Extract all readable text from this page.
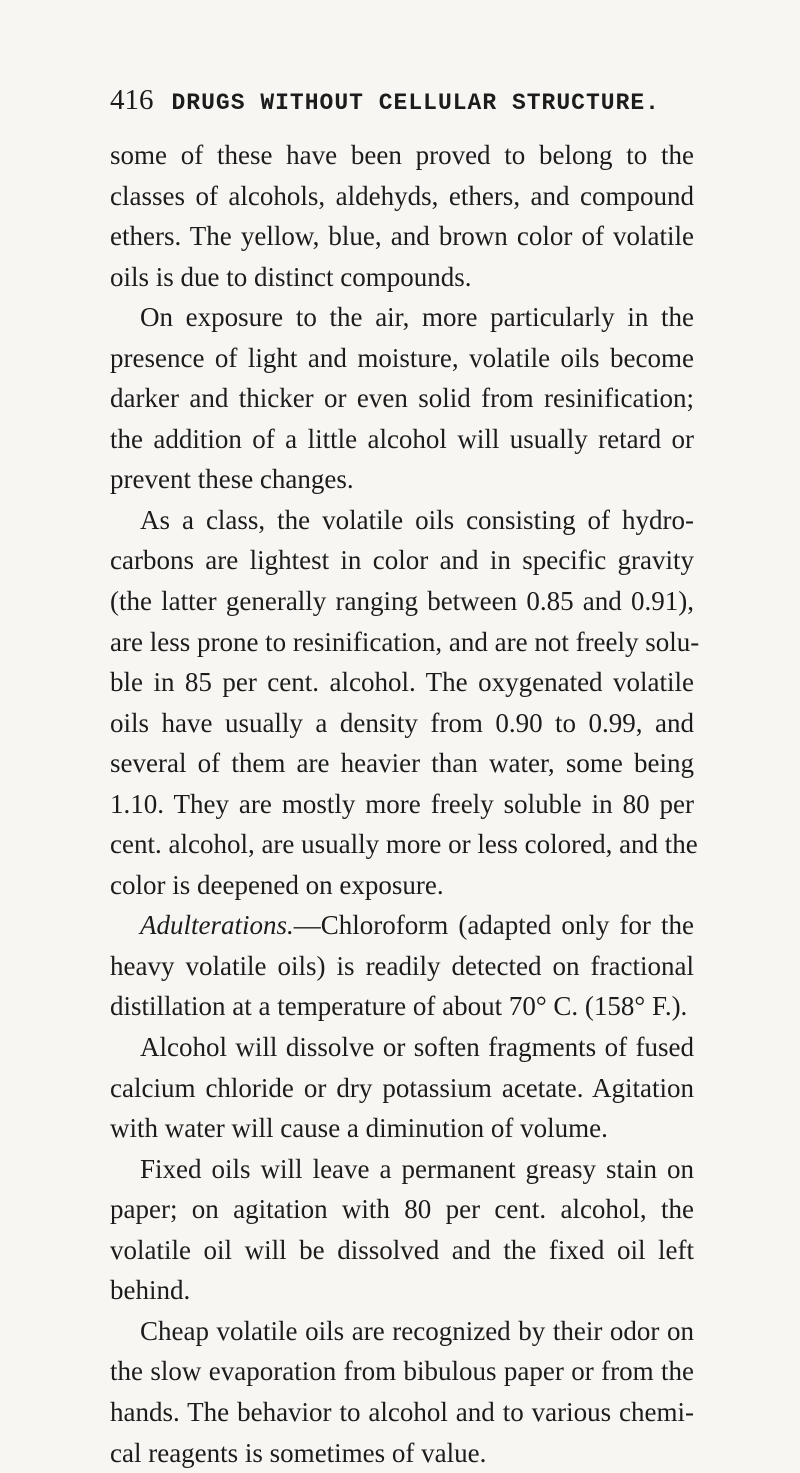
416 DRUGS WITHOUT CELLULAR STRUCTURE.
some of these have been proved to belong to the
classes of alcohols, aldehyds, ethers, and compound
ethers. The yellow, blue, and brown color of volatile
oils is due to distinct compounds.
On exposure to the air, more particularly in the
presence of light and moisture, volatile oils become
darker and thicker or even solid from resinification;
the addition of a little alcohol will usually retard or
prevent these changes.
As a class, the volatile oils consisting of hydro-
carbons are lightest in color and in specific gravity
(the latter generally ranging between 0.85 and 0.91),
are less prone to resinification, and are not freely solu-
ble in 85 per cent. alcohol. The oxygenated volatile
oils have usually a density from 0.90 to 0.99, and
several of them are heavier than water, some being
1.10. They are mostly more freely soluble in 80 per
cent. alcohol, are usually more or less colored, and the
color is deepened on exposure.
Adulterations.—Chloroform (adapted only for the
heavy volatile oils) is readily detected on fractional
distillation at a temperature of about 70° C. (158° F.).
Alcohol will dissolve or soften fragments of fused
calcium chloride or dry potassium acetate. Agitation
with water will cause a diminution of volume.
Fixed oils will leave a permanent greasy stain on
paper; on agitation with 80 per cent. alcohol, the
volatile oil will be dissolved and the fixed oil left
behind.
Cheap volatile oils are recognized by their odor on
the slow evaporation from bibulous paper or from the
hands. The behavior to alcohol and to various chemi-
cal reagents is sometimes of value.
